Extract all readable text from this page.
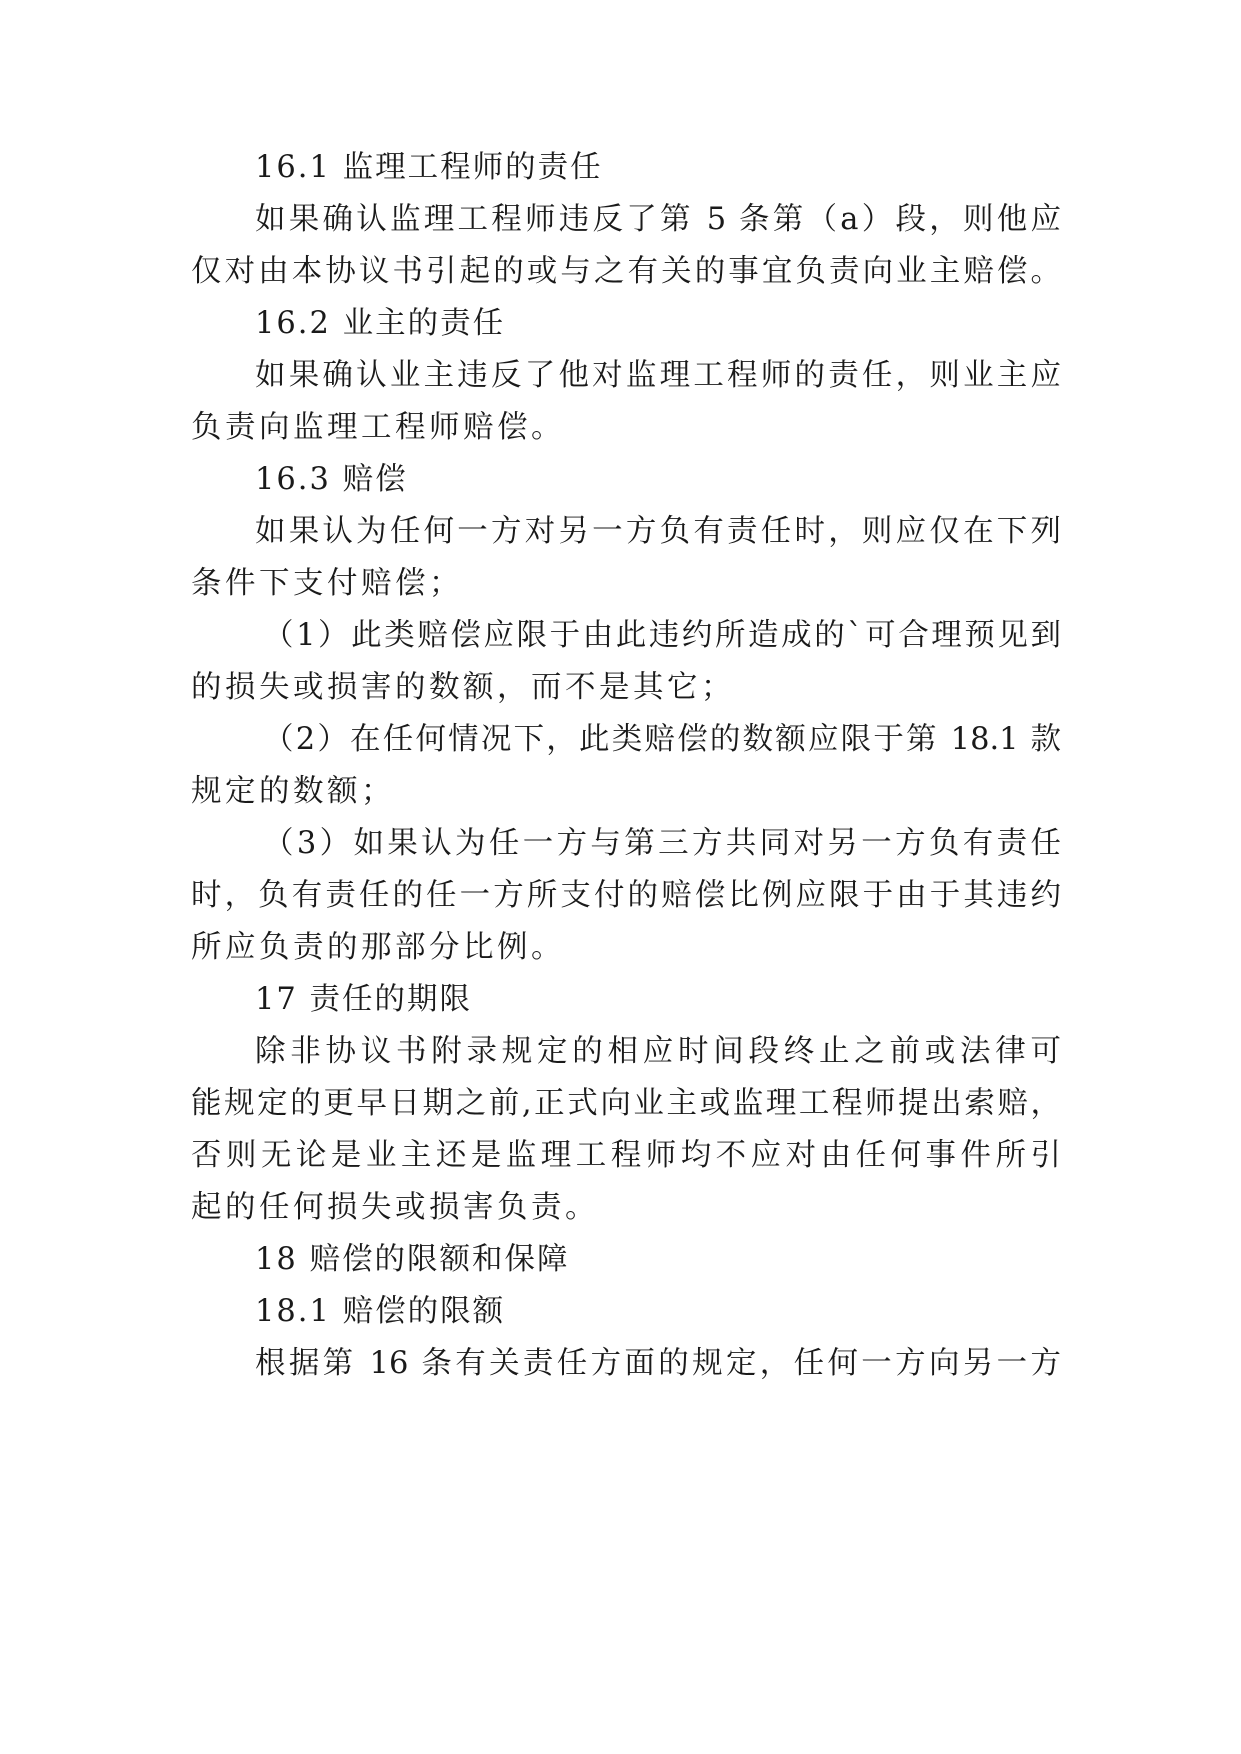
16.1 监理工程师的责任
如果确认监理工程师违反了第 5 条第（a）段，则他应
仅对由本协议书引起的或与之有关的事宜负责向业主赔偿。
16.2 业主的责任
如果确认业主违反了他对监理工程师的责任，则业主应
负责向监理工程师赔偿。
16.3 赔偿
如果认为任何一方对另一方负有责任时，则应仅在下列
条件下支付赔偿；
（1）此类赔偿应限于由此违约所造成的`可合理预见到
的损失或损害的数额，而不是其它；
（2）在任何情况下，此类赔偿的数额应限于第 18.1 款
规定的数额；
（3）如果认为任一方与第三方共同对另一方负有责任
时，负有责任的任一方所支付的赔偿比例应限于由于其违约
所应负责的那部分比例。
17 责任的期限
除非协议书附录规定的相应时间段终止之前或法律可
能规定的更早日期之前,正式向业主或监理工程师提出索赔，
否则无论是业主还是监理工程师均不应对由任何事件所引
起的任何损失或损害负责。
18 赔偿的限额和保障
18.1 赔偿的限额
根据第 16 条有关责任方面的规定，任何一方向另一方
